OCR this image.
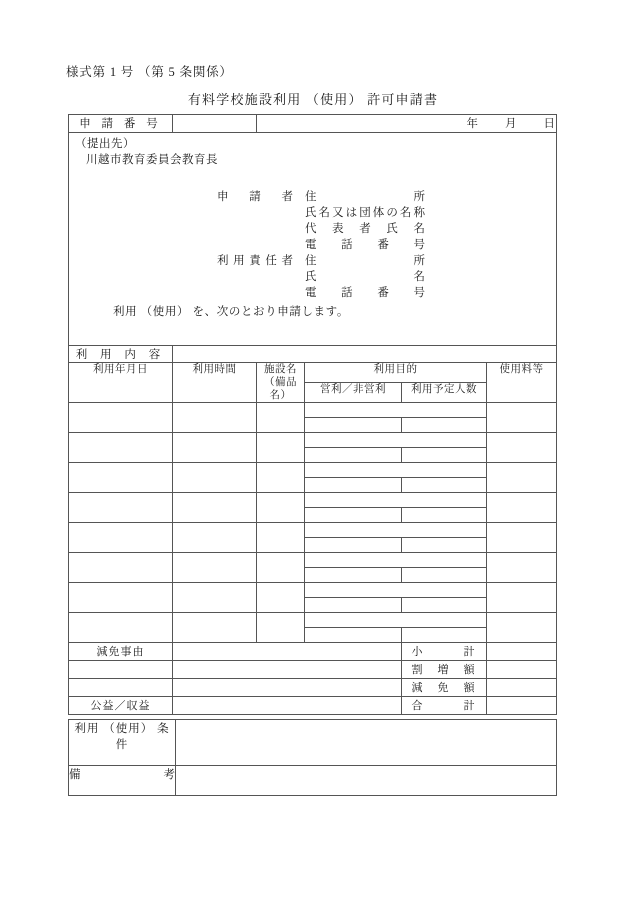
様式第 1 号 （第 5 条関係）
有料学校施設利用 （使用） 許可申請書
申 請 番 号		年 月 日			

（提出先）
川越市教育委員会教育長
申　請　者 住　　　　　所
氏名又は団体の名称
代　表　者　氏　名
電　話　番　号
利用責任者 住　　　　　所
氏　　　　　名
電　話　番　号
利用 （使用） を、次のとおり申請します。

利 用 内 容					
利用年月日	利用時間	施設名 （備品名）	利用目的		使用料等
			営利／非営利	利用予定人数	

減免事由				小　　　計	
				割　増　額	
				減　免　額	
公益／収益				合　　　計	
利用 （使用） 条件	
備　　　　考	
